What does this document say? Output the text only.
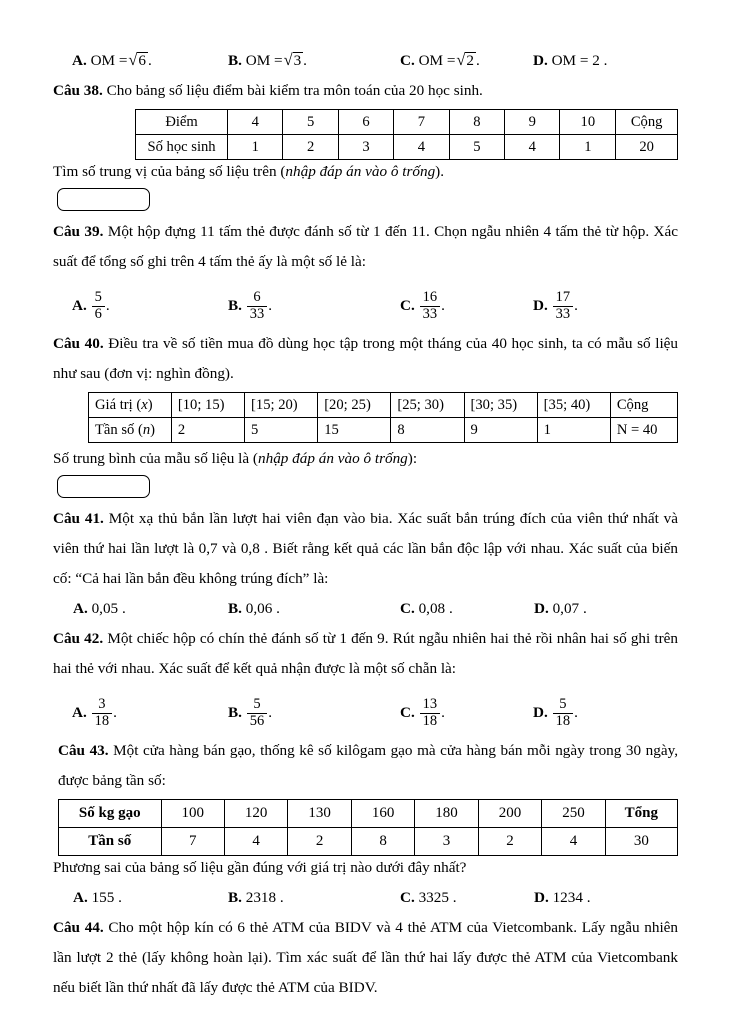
A. OM = √ 6 .	B. OM = √ 3 .	C. OM = √ 2 .	D. OM = 2 .

Câu 38. Cho bảng số liệu điểm bài kiểm tra môn toán của 20 học sinh.

Điểm	4	5	6	7	8	9	10	Cộng
Số học sinh	1	2	3	4	5	4	1	20

Tìm số trung vị của bảng số liệu trên (nhập đáp án vào ô trống).

Câu 39. Một hộp đựng 11 tấm thẻ được đánh số từ 1 đến 11. Chọn ngẫu nhiên 4 tấm thẻ từ hộp. Xác suất để tổng số ghi trên 4 tấm thẻ ấy là một số lẻ là:

A. $\frac{5}{6}$ .	B. $\frac{6}{33}$ .	C. $\frac{16}{33}$ .	D. $\frac{17}{33}$ .

Câu 40. Điều tra về số tiền mua đồ dùng học tập trong một tháng của 40 học sinh, ta có mẫu số liệu như sau (đơn vị: nghìn đồng).

Giá trị (x)	[10; 15)	[15; 20)	[20; 25)	[25; 30)	[30; 35)	[35; 40)	Cộng
Tần số (n)	2	5	15	8	9	1	N = 40

Số trung bình của mẫu số liệu là (nhập đáp án vào ô trống):

Câu 41. Một xạ thủ bắn lần lượt hai viên đạn vào bia. Xác suất bắn trúng đích của viên thứ nhất và viên thứ hai lần lượt là 0,7 và 0,8 . Biết rằng kết quả các lần bắn độc lập với nhau. Xác suất của biến cố: “Cả hai lần bắn đều không trúng đích” là:

A. 0,05 .	B. 0,06 .	C. 0,08 .	D. 0,07 .

Câu 42. Một chiếc hộp có chín thẻ đánh số từ 1 đến 9. Rút ngẫu nhiên hai thẻ rồi nhân hai số ghi trên hai thẻ với nhau. Xác suất để kết quả nhận được là một số chẵn là:

A. $\frac{3}{18}$ .	B. $\frac{5}{56}$ .	C. $\frac{13}{18}$ .	D. $\frac{5}{18}$ .

Câu 43. Một cửa hàng bán gạo, thống kê số kilôgam gạo mà cửa hàng bán mỗi ngày trong 30 ngày, được bảng tần số:

Số kg gạo	100	120	130	160	180	200	250	Tổng
Tần số	7	4	2	8	3	2	4	30

Phương sai của bảng số liệu gần đúng với giá trị nào dưới đây nhất?

A. 155 .	B. 2318 .	C. 3325 .	D. 1234 .

Câu 44. Cho một hộp kín có 6 thẻ ATM của BIDV và 4 thẻ ATM của Vietcombank. Lấy ngẫu nhiên lần lượt 2 thẻ (lấy không hoàn lại). Tìm xác suất để lần thứ hai lấy được thẻ ATM của Vietcombank nếu biết lần thứ nhất đã lấy được thẻ ATM của BIDV.
